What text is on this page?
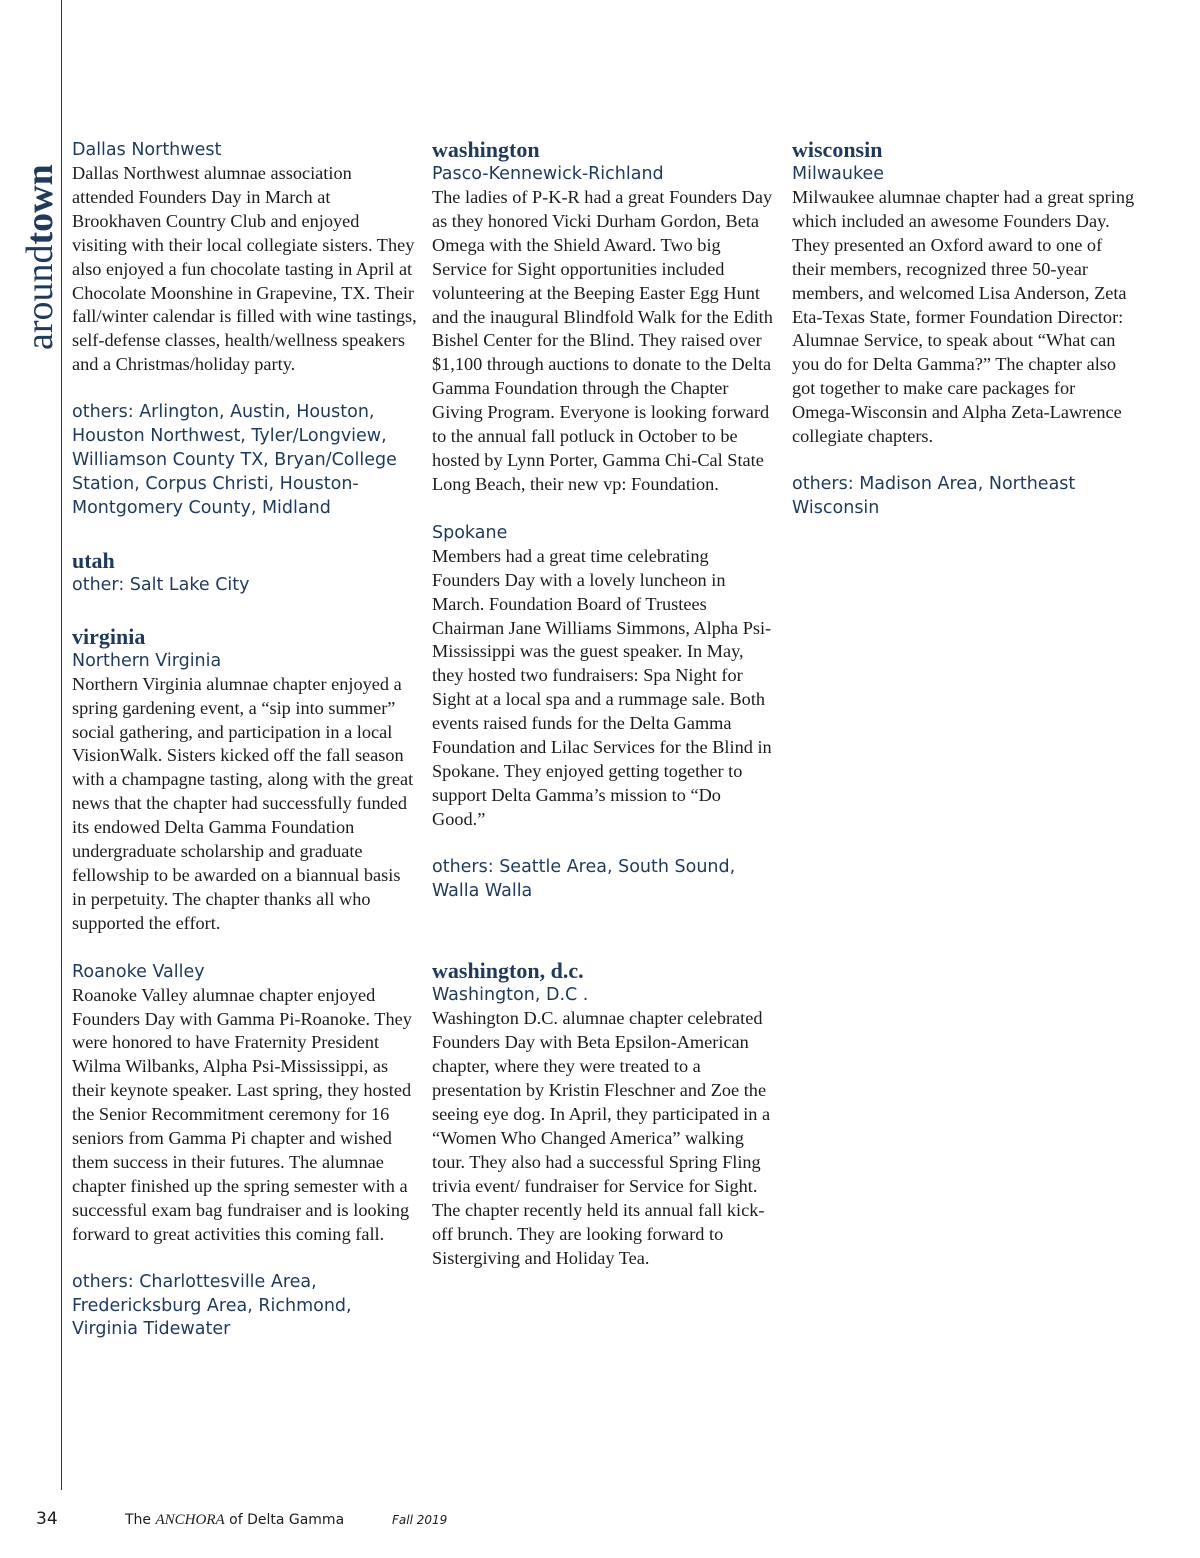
aroundtown

Dallas Northwest

Dallas Northwest alumnae association attended Founders Day in March at Brookhaven Country Club and enjoyed visiting with their local collegiate sisters. They also enjoyed a fun chocolate tasting in April at Chocolate Moonshine in Grapevine, TX. Their fall/winter calendar is filled with wine tastings, self-defense classes, health/wellness speakers and a Christmas/holiday party.

others: Arlington, Austin, Houston, Houston Northwest, Tyler/Longview, Williamson County TX, Bryan/College Station, Corpus Christi, Houston-Montgomery County, Midland

utah

other: Salt Lake City

virginia

Northern Virginia

Northern Virginia alumnae chapter enjoyed a spring gardening event, a “sip into summer” social gathering, and participation in a local VisionWalk. Sisters kicked off the fall season with a champagne tasting, along with the great news that the chapter had successfully funded its endowed Delta Gamma Foundation undergraduate scholarship and graduate fellowship to be awarded on a biannual basis in perpetuity. The chapter thanks all who supported the effort.

Roanoke Valley

Roanoke Valley alumnae chapter enjoyed Founders Day with Gamma Pi-Roanoke. They were honored to have Fraternity President Wilma Wilbanks, Alpha Psi-Mississippi, as their keynote speaker. Last spring, they hosted the Senior Recommitment ceremony for 16 seniors from Gamma Pi chapter and wished them success in their futures. The alumnae chapter finished up the spring semester with a successful exam bag fundraiser and is looking forward to great activities this coming fall.

others: Charlottesville Area, Fredericksburg Area, Richmond, Virginia Tidewater

washington

Pasco-Kennewick-Richland

The ladies of P-K-R had a great Founders Day as they honored Vicki Durham Gordon, Beta Omega with the Shield Award. Two big Service for Sight opportunities included volunteering at the Beeping Easter Egg Hunt and the inaugural Blindfold Walk for the Edith Bishel Center for the Blind. They raised over $1,100 through auctions to donate to the Delta Gamma Foundation through the Chapter Giving Program. Everyone is looking forward to the annual fall potluck in October to be hosted by Lynn Porter, Gamma Chi-Cal State Long Beach, their new vp: Foundation.

Spokane

Members had a great time celebrating Founders Day with a lovely luncheon in March. Foundation Board of Trustees Chairman Jane Williams Simmons, Alpha Psi-Mississippi was the guest speaker. In May, they hosted two fundraisers: Spa Night for Sight at a local spa and a rummage sale. Both events raised funds for the Delta Gamma Foundation and Lilac Services for the Blind in Spokane. They enjoyed getting together to support Delta Gamma’s mission to “Do Good.”

others: Seattle Area, South Sound, Walla Walla

washington, d.c.

Washington, D.C .

Washington D.C. alumnae chapter celebrated Founders Day with Beta Epsilon-American chapter, where they were treated to a presentation by Kristin Fleschner and Zoe the seeing eye dog. In April, they participated in a “Women Who Changed America” walking tour. They also had a successful Spring Fling trivia event/ fundraiser for Service for Sight. The chapter recently held its annual fall kick-off brunch. They are looking forward to Sistergiving and Holiday Tea.

wisconsin

Milwaukee

Milwaukee alumnae chapter had a great spring which included an awesome Founders Day. They presented an Oxford award to one of their members, recognized three 50-year members, and welcomed Lisa Anderson, Zeta Eta-Texas State, former Foundation Director: Alumnae Service, to speak about “What can you do for Delta Gamma?” The chapter also got together to make care packages for Omega-Wisconsin and Alpha Zeta-Lawrence collegiate chapters.

others: Madison Area, Northeast Wisconsin

34	The ANCHORA of Delta Gamma	Fall 2019
